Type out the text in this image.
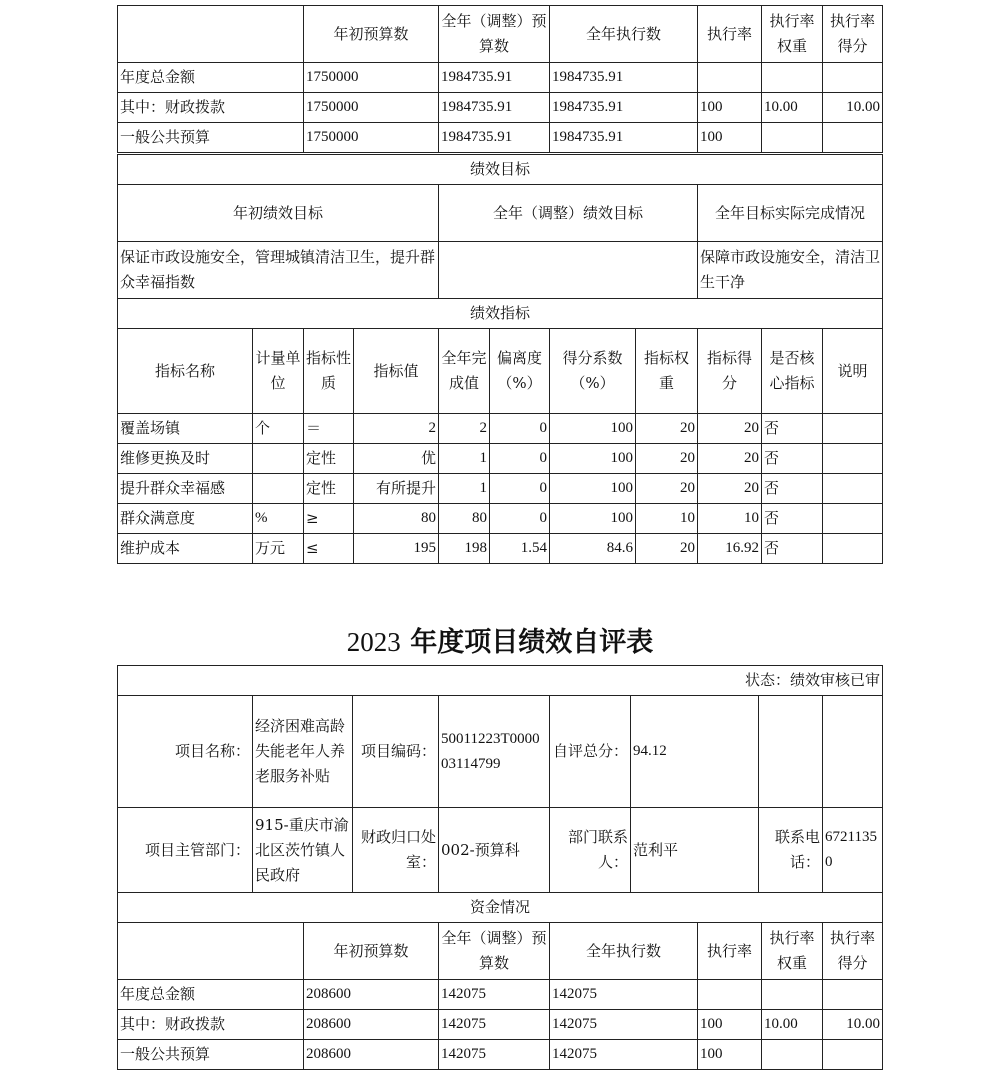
	年初预算数	全年（调整）预算数	全年执行数	执行率	执行率权重	执行率得分
年度总金额	1750000	1984735.91	1984735.91			
其中：财政拨款	1750000	1984735.91	1984735.91	100	10.00	10.00
一般公共预算	1750000	1984735.91	1984735.91	100		
绩效目标		
年初绩效目标	全年（调整）绩效目标	全年目标实际完成情况
保证市政设施安全，管理城镇清洁卫生，提升群众幸福指数		保障市政设施安全，清洁卫生干净
绩效指标										
指标名称	计量单位	指标性质	指标值	全年完成值	偏离度（%）	得分系数（%）	指标权重	指标得分	是否核心指标	说明
覆盖场镇	个	＝	2	2	0	100	20	20	否	
维修更换及时		定性	优	1	0	100	20	20	否	
提升群众幸福感		定性	有所提升	1	0	100	20	20	否	
群众满意度	%	≥	80	80	0	100	10	10	否	
维护成本	万元	≤	195	198	1.54	84.6	20	16.92	否	
2023 年度项目绩效自评表
状态：绩效审核已审							
项目名称：	经济困难高龄失能老年人养老服务补贴	项目编码：	50011223T000003114799	自评总分：	94.12		
项目主管部门：	915-重庆市渝北区茨竹镇人民政府	财政归口处室：	002-预算科	部门联系人：	范利平	联系电话：	67211350
资金情况							
	年初预算数	全年（调整）预算数	全年执行数	执行率	执行率权重	执行率得分
年度总金额	208600	142075	142075			
其中：财政拨款	208600	142075	142075	100	10.00	10.00
一般公共预算	208600	142075	142075	100		
